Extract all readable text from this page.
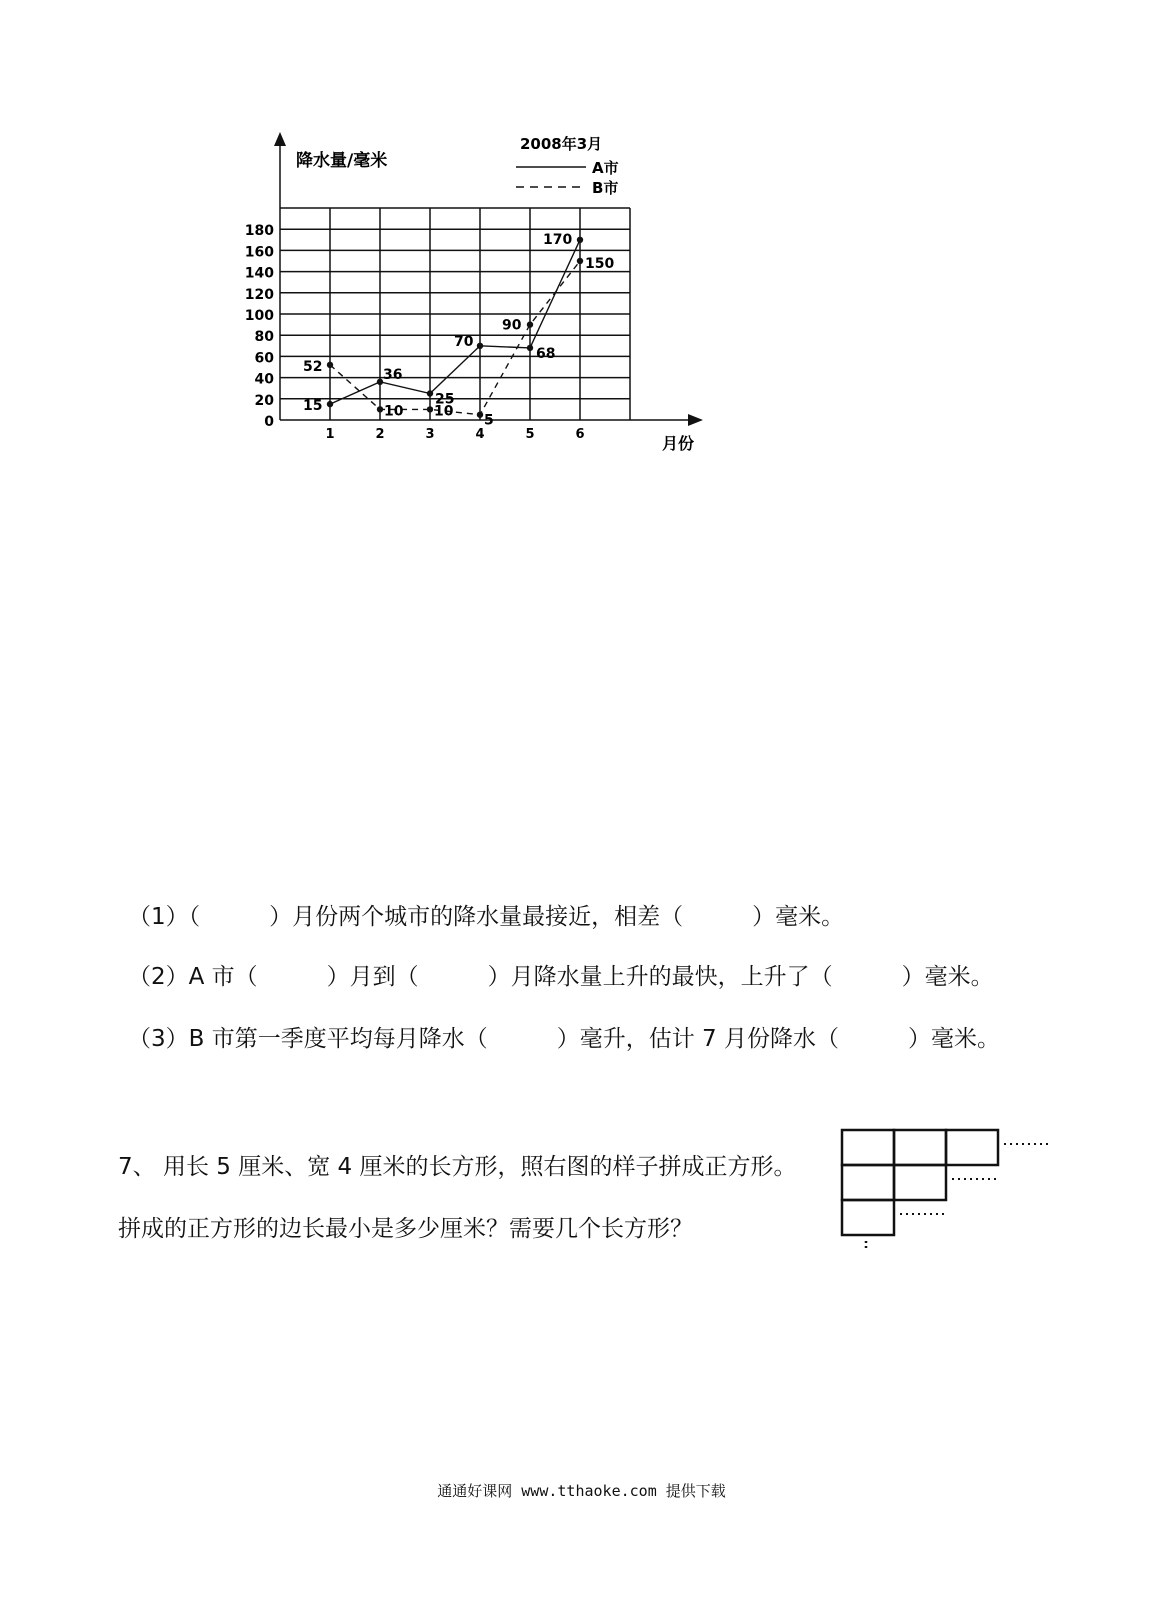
15
36
25
70
68
170
52
10 10
5
90
150
0
20
40
60
80
100
120
140
160
180
1	2	3	4	5	6
降水量/毫米
月份
2008年3月
A市
B市
（1）（　　　）月份两个城市的降水量最接近，相差（　　　）毫米。
（2）A 市（　　　）月到（　　　）月降水量上升的最快，上升了（　　　）毫米。
（3）B 市第一季度平均每月降水（　　　）毫升，估计 7 月份降水（　　　）毫米。
7、 用长 5 厘米、宽 4 厘米的长方形，照右图的样子拼成正方形。
拼成的正方形的边长最小是多少厘米？需要几个长方形？
通通好课网 www.tthaoke.com 提供下载
